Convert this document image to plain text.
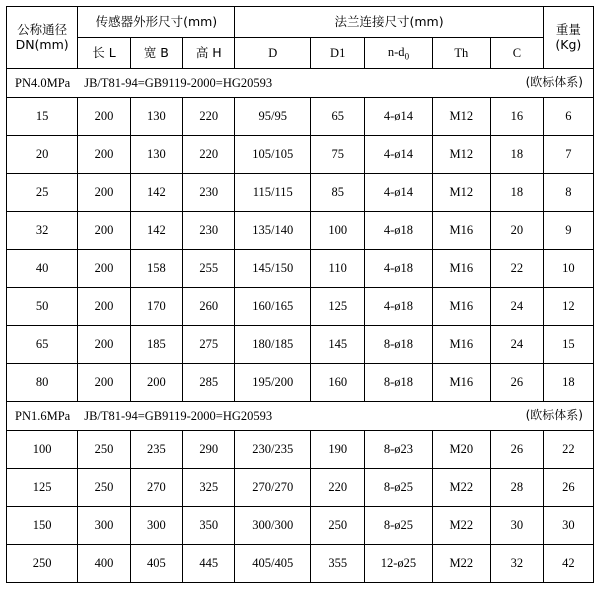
公称通径
DN(mm)	传感器外形尺寸(mm)			法兰连接尺寸(mm)					重量
(Kg)

	长 L	宽 B	高 H	D	D1	$n-d_0$	Th	C	

PN4.0MPa JB/T81-94=GB9119-2000=HG20593 (欧标体系)									

15	200	130	220	95/95	65	4-ø14	M12	16	6
20	200	130	220	105/105	75	4-ø14	M12	18	7
25	200	142	230	115/115	85	4-ø14	M12	18	8
32	200	142	230	135/140	100	4-ø18	M16	20	9
40	200	158	255	145/150	110	4-ø18	M16	22	10
50	200	170	260	160/165	125	4-ø18	M16	24	12
65	200	185	275	180/185	145	8-ø18	M16	24	15
80	200	200	285	195/200	160	8-ø18	M16	26	18

PN1.6MPa JB/T81-94=GB9119-2000=HG20593 (欧标体系)									

100	250	235	290	230/235	190	8-ø23	M20	26	22
125	250	270	325	270/270	220	8-ø25	M22	28	26
150	300	300	350	300/300	250	8-ø25	M22	30	30
250	400	405	445	405/405	355	12-ø25	M22	32	42
